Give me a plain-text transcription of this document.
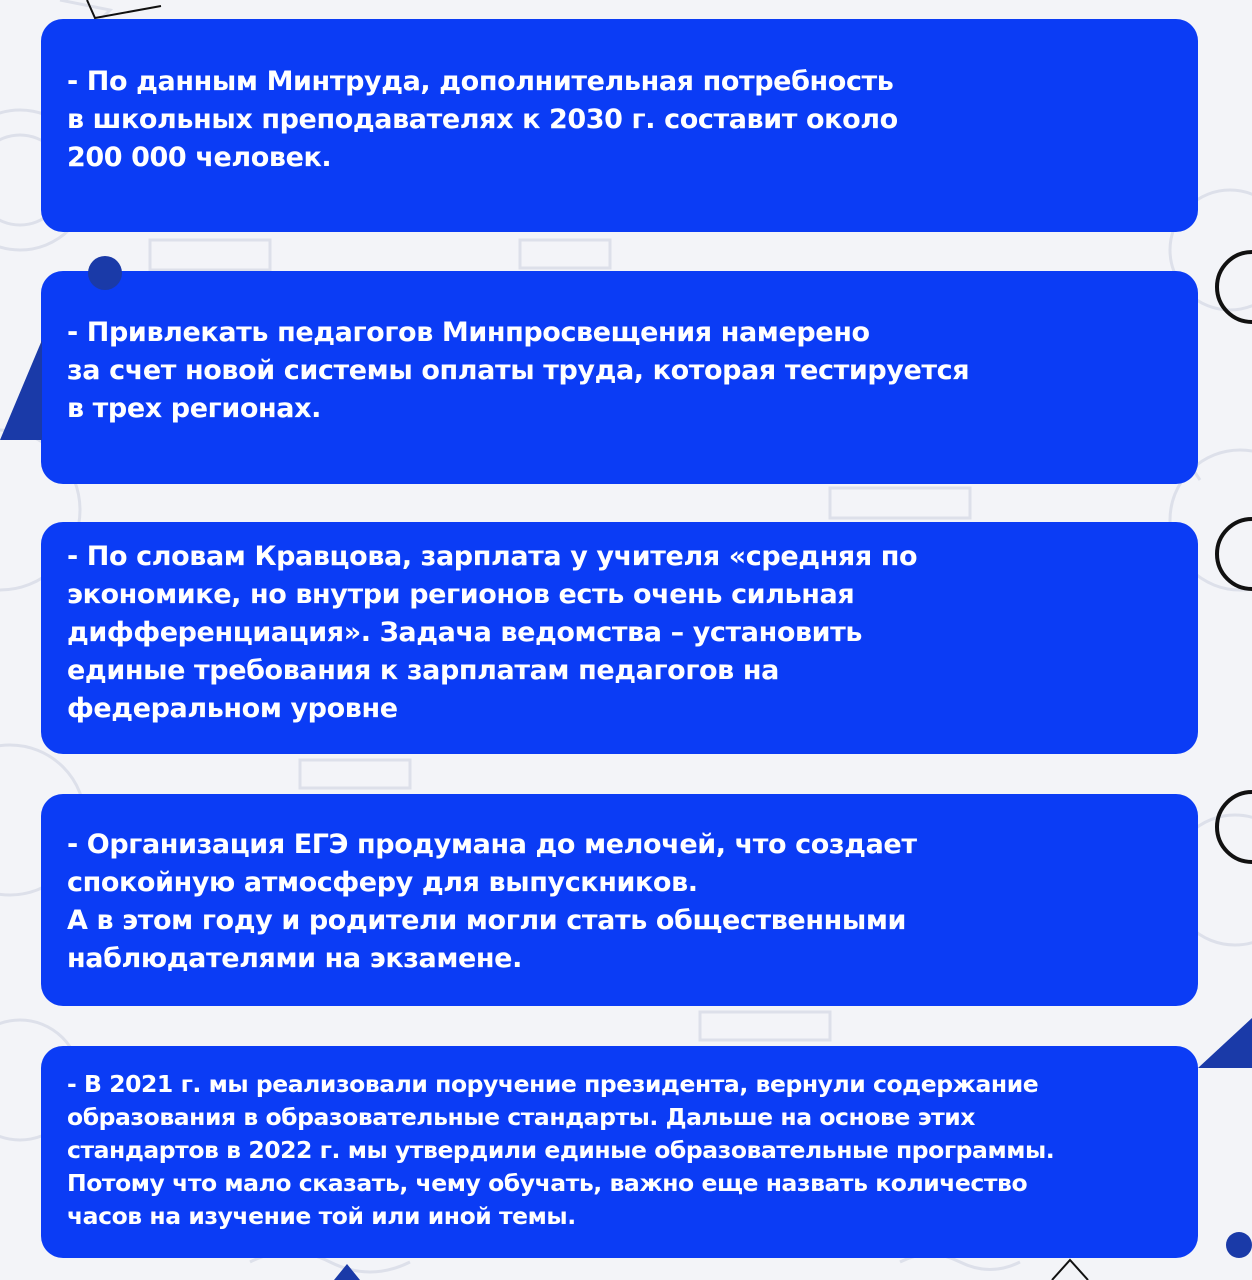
- По данным Минтруда, дополнительная потребность
в школьных преподавателях к 2030 г. составит около
200 000 человек.

- Привлекать педагогов Минпросвещения намерено
за счет новой системы оплаты труда, которая тестируется
в трех регионах.

- По словам Кравцова, зарплата у учителя «средняя по
экономике, но внутри регионов есть очень сильная
дифференциация». Задача ведомства – установить
единые требования к зарплатам педагогов на
федеральном уровне

- Организация ЕГЭ продумана до мелочей, что создает
спокойную атмосферу для выпускников.
А в этом году и родители могли стать общественными
наблюдателями на экзамене.

- В 2021 г. мы реализовали поручение президента, вернули содержание
образования в образовательные стандарты. Дальше на основе этих
стандартов в 2022 г. мы утвердили единые образовательные программы.
Потому что мало сказать, чему обучать, важно еще назвать количество
часов на изучение той или иной темы.
